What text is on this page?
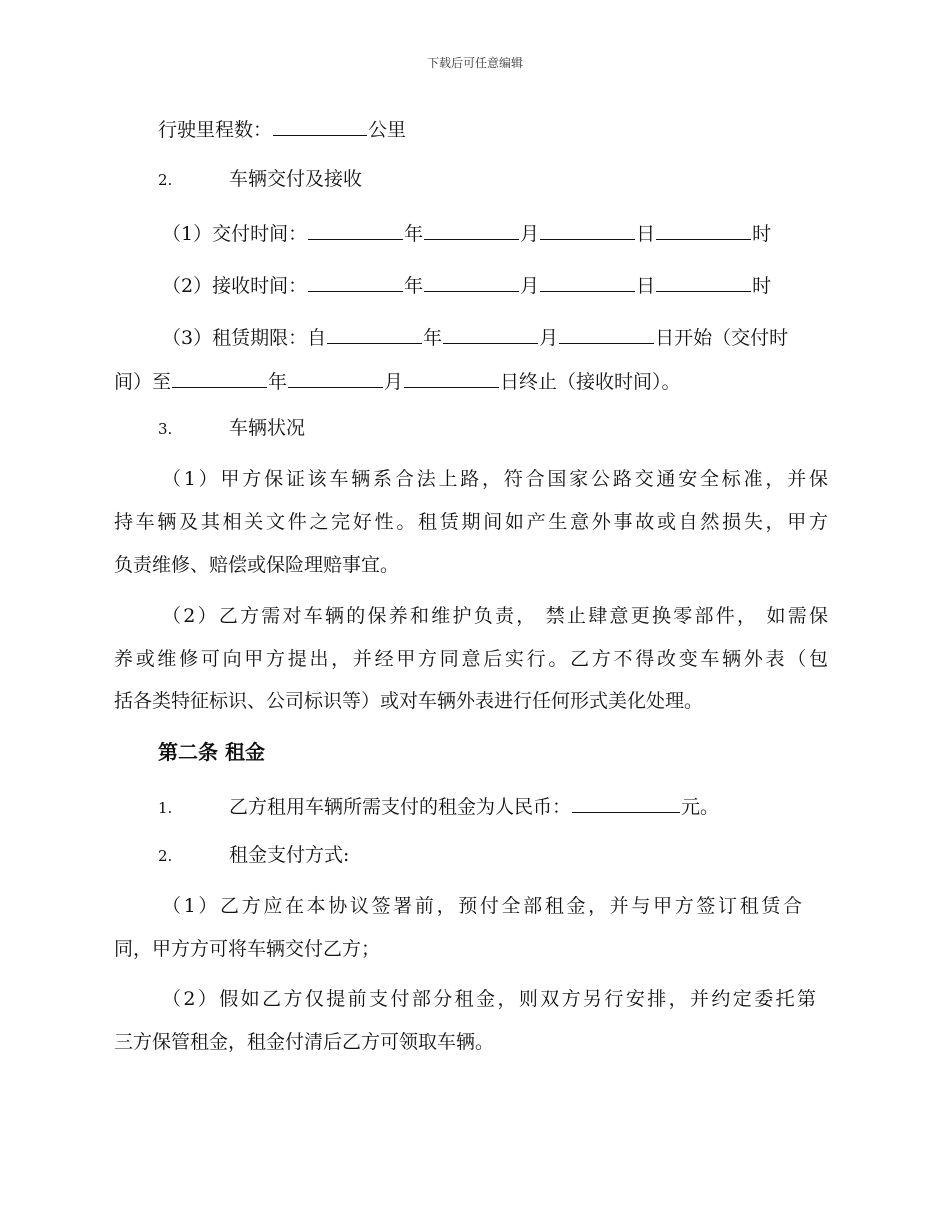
下载后可任意编辑
行驶里程数：	公里
2.	车辆交付及接收
（1）交付时间：	年	月	日	时
（2）接收时间：	年	月	日	时
（3）租赁期限：自	年	月	日开始（交付时
间）至	年	月	日终止（接收时间）。
3.	车辆状况
（1）甲方保证该车辆系合法上路，符合国家公路交通安全标准，并保
持车辆及其相关文件之完好性。租赁期间如产生意外事故或自然损失，甲方
负责维修、赔偿或保险理赔事宜。
（2）乙方需对车辆的保养和维护负责， 禁止肆意更换零部件， 如需保
养或维修可向甲方提出，并经甲方同意后实行。乙方不得改变车辆外表（包
括各类特征标识、公司标识等）或对车辆外表进行任何形式美化处理。
第二条 租金
1.	乙方租用车辆所需支付的租金为人民币：	元。
2.	租金支付方式:
（1）乙方应在本协议签署前，预付全部租金，并与甲方签订租赁合
同，甲方方可将车辆交付乙方；
（2）假如乙方仅提前支付部分租金，则双方另行安排，并约定委托第
三方保管租金，租金付清后乙方可领取车辆。
